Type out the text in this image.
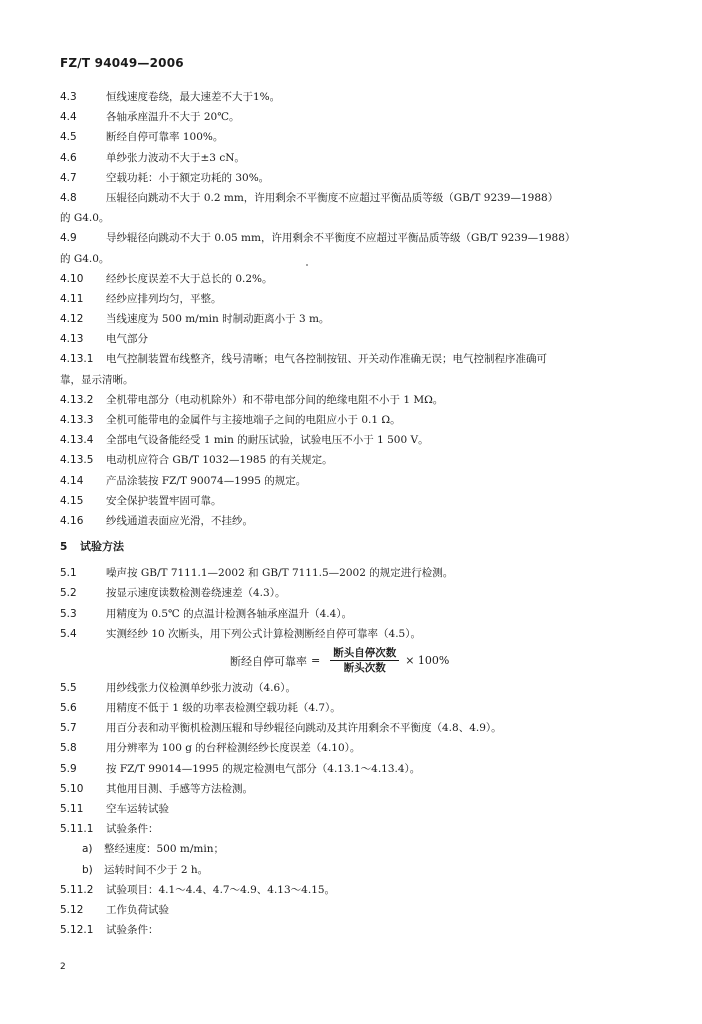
FZ/T 94049—2006
4.3	恒线速度卷绕，最大速差不大于1%。
4.4	各轴承座温升不大于 20℃。
4.5	断经自停可靠率 100%。
4.6	单纱张力波动不大于±3 cN。
4.7	空载功耗：小于额定功耗的 30%。
4.8	压辊径向跳动不大于 0.2 mm，许用剩余不平衡度不应超过平衡品质等级（GB/T 9239—1988）
的 G4.0。
4.9	导纱辊径向跳动不大于 0.05 mm，许用剩余不平衡度不应超过平衡品质等级（GB/T 9239—1988）
的 G4.0。
4.10 经纱长度误差不大于总长的 0.2%。
4.11 经纱应排列均匀，平整。
4.12 当线速度为 500 m/min 时制动距离小于 3 m。
4.13 电气部分
4.13.1 电气控制装置布线整齐，线号清晰；电气各控制按钮、开关动作准确无误；电气控制程序准确可
靠，显示清晰。
4.13.2 全机带电部分（电动机除外）和不带电部分间的绝缘电阻不小于 1 MΩ。
4.13.3 全机可能带电的金属件与主接地端子之间的电阻应小于 0.1 Ω。
4.13.4 全部电气设备能经受 1 min 的耐压试验，试验电压不小于 1 500 V。
4.13.5 电动机应符合 GB/T 1032—1985 的有关规定。
4.14 产品涂装按 FZ/T 90074—1995 的规定。
4.15 安全保护装置牢固可靠。
4.16 纱线通道表面应光滑，不挂纱。
5 试验方法
5.1	噪声按 GB/T 7111.1—2002 和 GB/T 7111.5—2002 的规定进行检测。
5.2	按显示速度读数检测卷绕速差（4.3）。
5.3	用精度为 0.5℃ 的点温计检测各轴承座温升（4.4）。
5.4	实测经纱 10 次断头，用下列公式计算检测断经自停可靠率（4.5）。
断经自停可靠率 = $\frac{\text{断头自停次数}}{\text{断头次数}} \times 100\%$
5.5	用纱线张力仪检测单纱张力波动（4.6）。
5.6	用精度不低于 1 级的功率表检测空载功耗（4.7）。
5.7	用百分表和动平衡机检测压辊和导纱辊径向跳动及其许用剩余不平衡度（4.8、4.9）。
5.8	用分辨率为 100 g 的台秤检测经纱长度误差（4.10）。
5.9	按 FZ/T 99014—1995 的规定检测电气部分（4.13.1～4.13.4）。
5.10 其他用目测、手感等方法检测。
5.11 空车运转试验
5.11.1 试验条件：
a) 整经速度：500 m/min；
b) 运转时间不少于 2 h。
5.11.2 试验项目：4.1～4.4、4.7～4.9、4.13～4.15。
5.12 工作负荷试验
5.12.1 试验条件：
2
